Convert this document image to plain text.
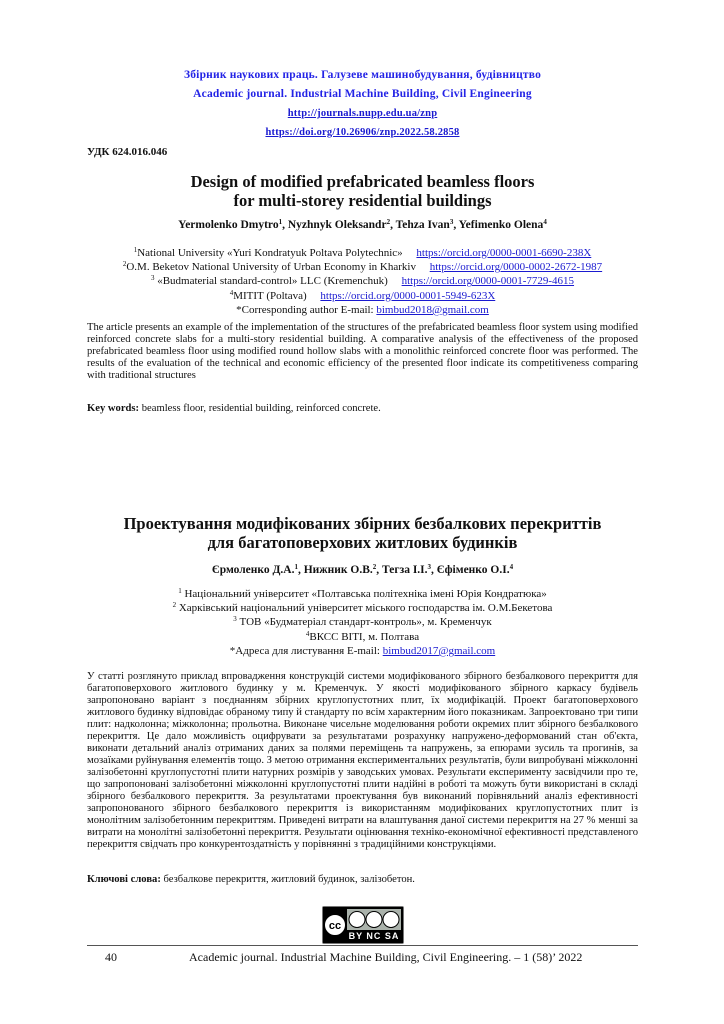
Збірник наукових праць. Галузеве машинобудування, будівництво
Academic journal. Industrial Machine Building, Civil Engineering
http://journals.nupp.edu.ua/znp
https://doi.org/10.26906/znp.2022.58.2858
УДК 624.016.046
Design of modified prefabricated beamless floors
for multi-storey residential buildings
Yermolenko Dmytro$^1$, Nyzhnyk Oleksandr$^2$, Tehza Ivan$^3$, Yefimenko Olena$^4$
$^1$National University «Yuri Kondratyuk Poltava Polytechnic» https://orcid.org/0000-0001-6690-238X
$^2$O.M. Beketov National University of Urban Economy in Kharkiv https://orcid.org/0000-0002-2672-1987
$^3$ «Budmaterial standard-control» LLC (Kremenchuk) https://orcid.org/0000-0001-7729-4615
$^4$MITIT (Poltava) https://orcid.org/0000-0001-5949-623X
*Corresponding author E-mail: bimbud2018@gmail.com
The article presents an example of the implementation of the structures of the prefabricated beamless floor system using modified reinforced concrete slabs for a multi-story residential building. A comparative analysis of the effectiveness of the proposed prefabricated beamless floor using modified round hollow slabs with a monolithic reinforced concrete floor was performed. The results of the evaluation of the technical and economic efficiency of the presented floor indicate its competitiveness comparing with traditional structures
Key words: beamless floor, residential building, reinforced concrete.
Проектування модифікованих збірних безбалкових перекриттів
для багатоповерхових житлових будинків
Єрмоленко Д.А.$^1$, Нижник О.В.$^2$, Тегза І.І.$^3$, Єфіменко О.І.$^4$
$^1$ Національний університет «Полтавська політехніка імені Юрія Кондратюка»
$^2$ Харківський національний університет міського господарства ім. О.М.Бекетова
$^3$ ТОВ «Будматеріал стандарт-контроль», м. Кременчук
$^4$ВКСС ВІТІ, м. Полтава
*Адреса для листування E-mail: bimbud2017@gmail.com
У статті розглянуто приклад впровадження конструкцій системи модифікованого збірного безбалкового перекриття для багатоповерхового житлового будинку у м. Кременчук. У якості модифікованого збірного каркасу будівель запропоновано варіант з поєднанням збірних круглопустотних плит, їх модифікацій. Проект багатоповерхового житлового будинку відповідає обраному типу й стандарту по всім характерним його показникам. Запроектовано три типи плит: надколонна; міжколонна; прольотна. Виконане чисельне моделювання роботи окремих плит збірного безбалкового перекриття. Це дало можливість оцифрувати за результатами розрахунку напружено-деформований стан об'єкта, виконати детальний аналіз отриманих даних за полями переміщень та напружень, за епюрами зусиль та прогинів, за мозаїками руйнування елементів тощо. З метою отримання експериментальних результатів, були випробувані міжколонні залізобетонні круглопустотні плити натурних розмірів у заводських умовах. Результати експерименту засвідчили про те, що запропоновані залізобетонні міжколонні круглопустотні плити надійні в роботі та можуть бути використані в складі збірного безбалкового перекриття. За результатами проектування був виконаний порівняльний аналіз ефективності запропонованого збірного безбалкового перекриття із використанням модифікованих круглопустотних плит із монолітним залізобетонним перекриттям. Приведені витрати на влаштування даної системи перекриття на 27 % менші за витрати на монолітні залізобетонні перекриття. Результати оцінювання техніко-економічної ефективності представленого перекриття свідчать про конкурентоздатність у порівнянні з традиційними конструкціями.
Ключові слова: безбалкове перекриття, житловий будинок, залізобетон.
cc
BY NC SA
40	Academic journal. Industrial Machine Building, Civil Engineering. – 1 (58)’ 2022
